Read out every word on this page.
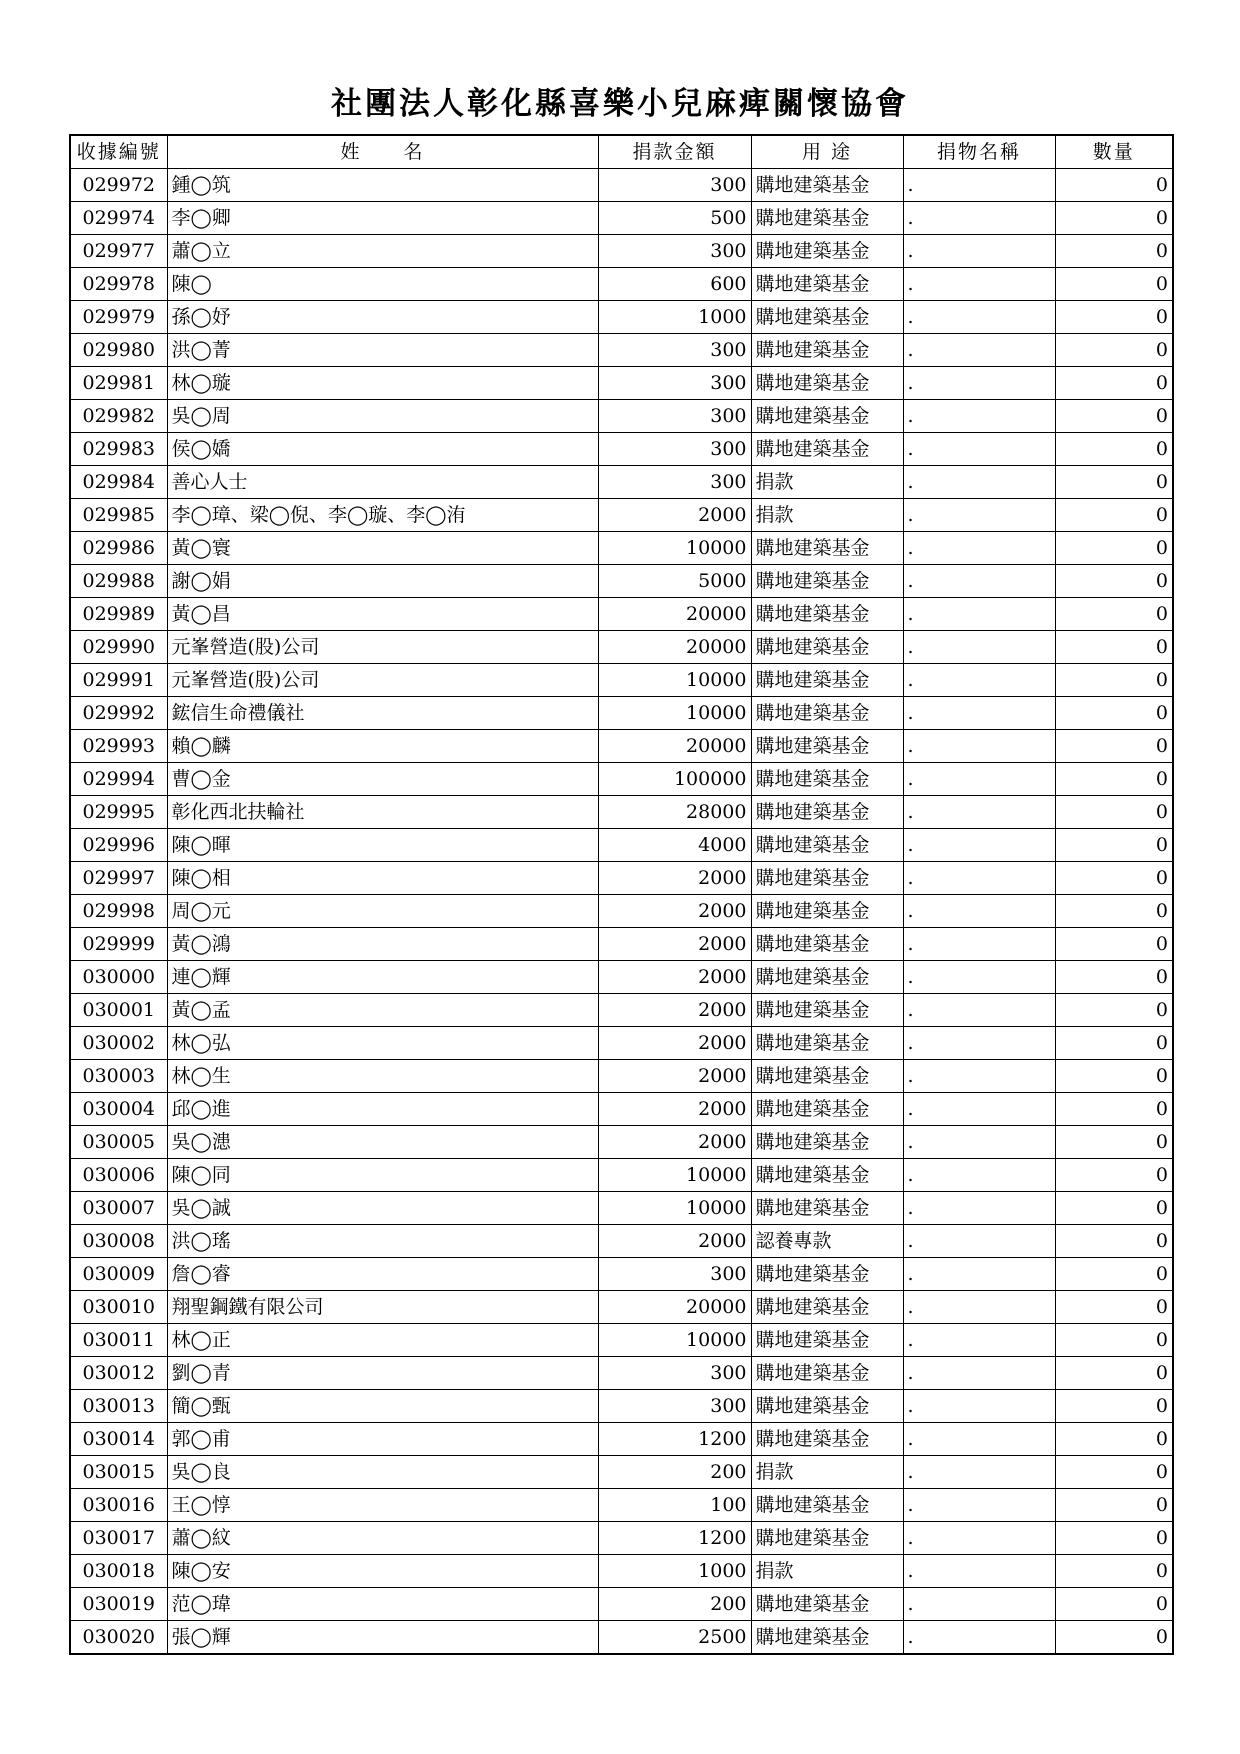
社團法人彰化縣喜樂小兒麻痺關懷協會
收據編號	姓　　名	捐款金額	用 途	捐物名稱	數量
029972	鍾◯筑	300	購地建築基金	.	0
029974	李◯卿	500	購地建築基金	.	0
029977	蕭◯立	300	購地建築基金	.	0
029978	陳◯	600	購地建築基金	.	0
029979	孫◯妤	1000	購地建築基金	.	0
029980	洪◯菁	300	購地建築基金	.	0
029981	林◯璇	300	購地建築基金	.	0
029982	吳◯周	300	購地建築基金	.	0
029983	侯◯嬌	300	購地建築基金	.	0
029984	善心人士	300	捐款	.	0
029985	李◯璋、梁◯倪、李◯璇、李◯洧	2000	捐款	.	0
029986	黃◯寰	10000	購地建築基金	.	0
029988	謝◯娟	5000	購地建築基金	.	0
029989	黃◯昌	20000	購地建築基金	.	0
029990	元峯營造(股)公司	20000	購地建築基金	.	0
029991	元峯營造(股)公司	10000	購地建築基金	.	0
029992	鋐信生命禮儀社	10000	購地建築基金	.	0
029993	賴◯麟	20000	購地建築基金	.	0
029994	曹◯金	100000	購地建築基金	.	0
029995	彰化西北扶輪社	28000	購地建築基金	.	0
029996	陳◯暉	4000	購地建築基金	.	0
029997	陳◯相	2000	購地建築基金	.	0
029998	周◯元	2000	購地建築基金	.	0
029999	黃◯鴻	2000	購地建築基金	.	0
030000	連◯輝	2000	購地建築基金	.	0
030001	黃◯孟	2000	購地建築基金	.	0
030002	林◯弘	2000	購地建築基金	.	0
030003	林◯生	2000	購地建築基金	.	0
030004	邱◯進	2000	購地建築基金	.	0
030005	吳◯漶	2000	購地建築基金	.	0
030006	陳◯同	10000	購地建築基金	.	0
030007	吳◯誠	10000	購地建築基金	.	0
030008	洪◯瑤	2000	認養專款	.	0
030009	詹◯睿	300	購地建築基金	.	0
030010	翔聖鋼鐵有限公司	20000	購地建築基金	.	0
030011	林◯正	10000	購地建築基金	.	0
030012	劉◯青	300	購地建築基金	.	0
030013	簡◯甄	300	購地建築基金	.	0
030014	郭◯甫	1200	購地建築基金	.	0
030015	吳◯良	200	捐款	.	0
030016	王◯惇	100	購地建築基金	.	0
030017	蕭◯紋	1200	購地建築基金	.	0
030018	陳◯安	1000	捐款	.	0
030019	范◯瑋	200	購地建築基金	.	0
030020	張◯輝	2500	購地建築基金	.	0
